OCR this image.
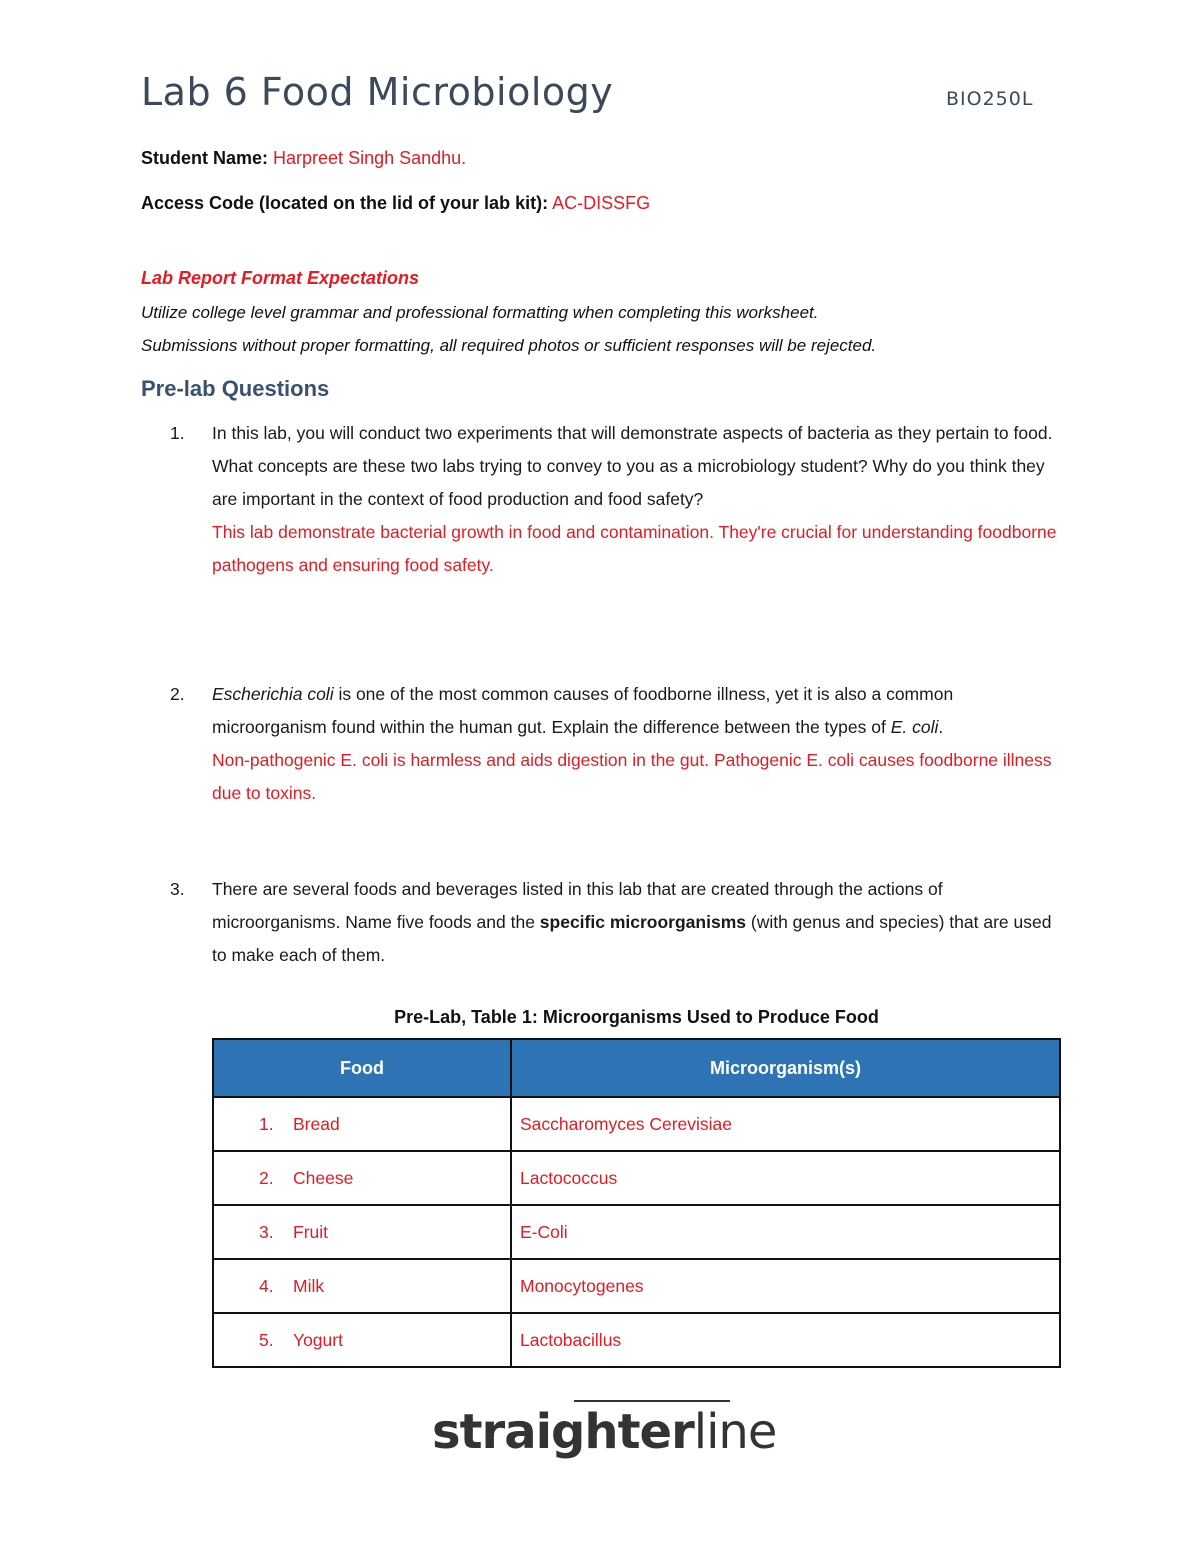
Lab 6 Food Microbiology	BIO250L
Student Name: Harpreet Singh Sandhu.
Access Code (located on the lid of your lab kit): AC-DISSFG
Lab Report Format Expectations
Utilize college level grammar and professional formatting when completing this worksheet.
Submissions without proper formatting, all required photos or sufficient responses will be rejected.
Pre-lab Questions
1.	In this lab, you will conduct two experiments that will demonstrate aspects of bacteria as they pertain to food. What concepts are these two labs trying to convey to you as a microbiology student? Why do you think they are important in the context of food production and food safety?
This lab demonstrate bacterial growth in food and contamination. They're crucial for understanding foodborne pathogens and ensuring food safety.
2.	Escherichia coli is one of the most common causes of foodborne illness, yet it is also a common microorganism found within the human gut. Explain the difference between the types of E. coli.
Non-pathogenic E. coli is harmless and aids digestion in the gut. Pathogenic E. coli causes foodborne illness due to toxins.
3.	There are several foods and beverages listed in this lab that are created through the actions of microorganisms. Name five foods and the specific microorganisms (with genus and species) that are used to make each of them.
Pre-Lab, Table 1: Microorganisms Used to Produce Food
Food	Microorganism(s)
1. Bread	Saccharomyces Cerevisiae
2. Cheese	Lactococcus
3. Fruit	E-Coli
4. Milk	Monocytogenes
5. Yogurt	Lactobacillus
straighterline
